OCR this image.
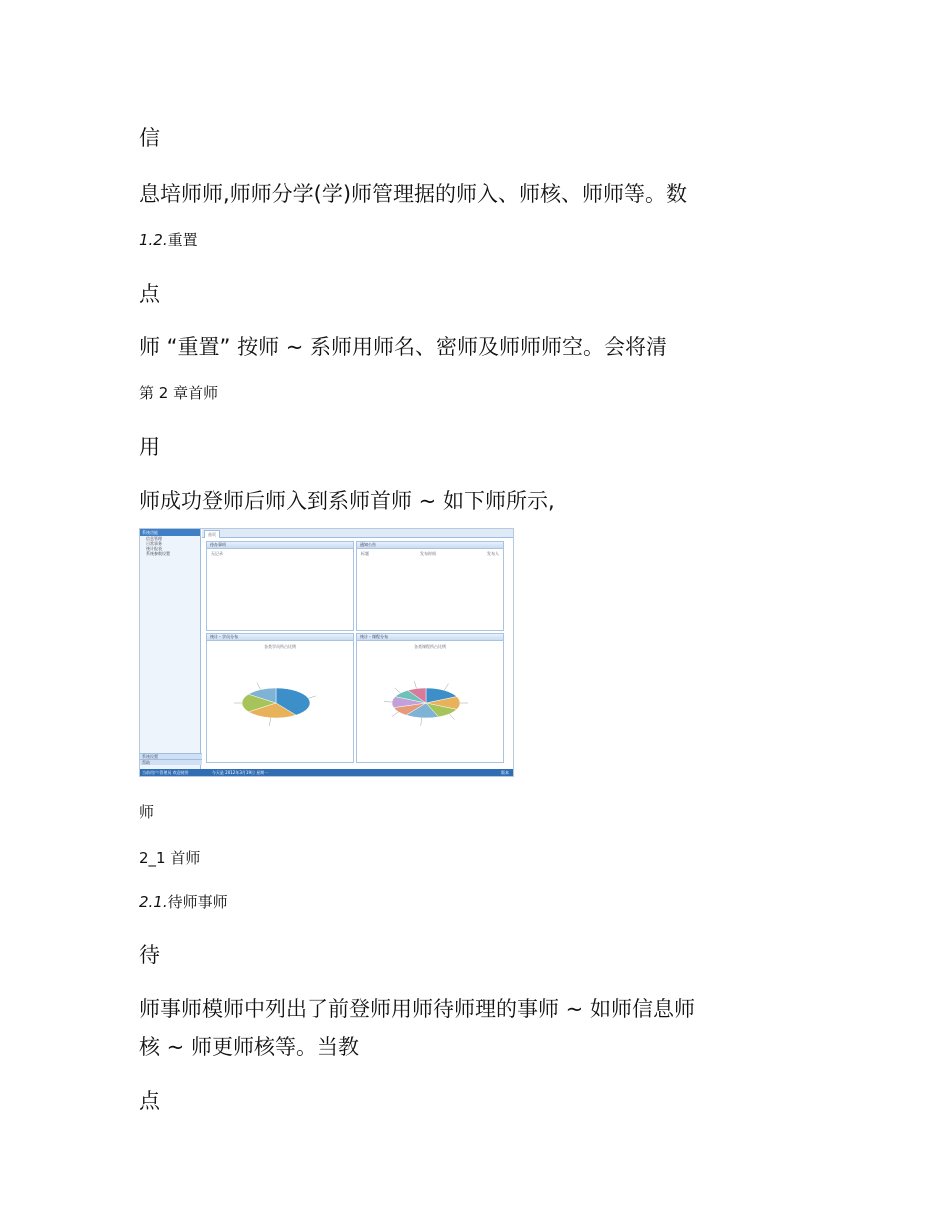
信
息培师师,师师分学(学)师管理据的师入、师核、师师等。数
1.2.重置
点
师 “重置” 按师 ~ 系师用师名、密师及师师师空。会将清
第 2 章首师
用
师成功登师后师入到系师首师 ~ 如下师所示,
系统功能
信息管理
日常事务
统计报表
系统参数设置
系统设置
帮助
首页
待办事项
无记录
通知公告
标题	发布时间	发布人
统计 - 学员分布
各类学员所占比例
统计 - 课程分布
各类课程所占比例
当前用户:管理员 欢迎使用	今天是 2012年3月19日 星期一	版本
师
2_1 首师
2.1.待师事师
待
师事师模师中列出了前登师用师待师理的事师 ~ 如师信息师
核 ~ 师更师核等。当教
点
